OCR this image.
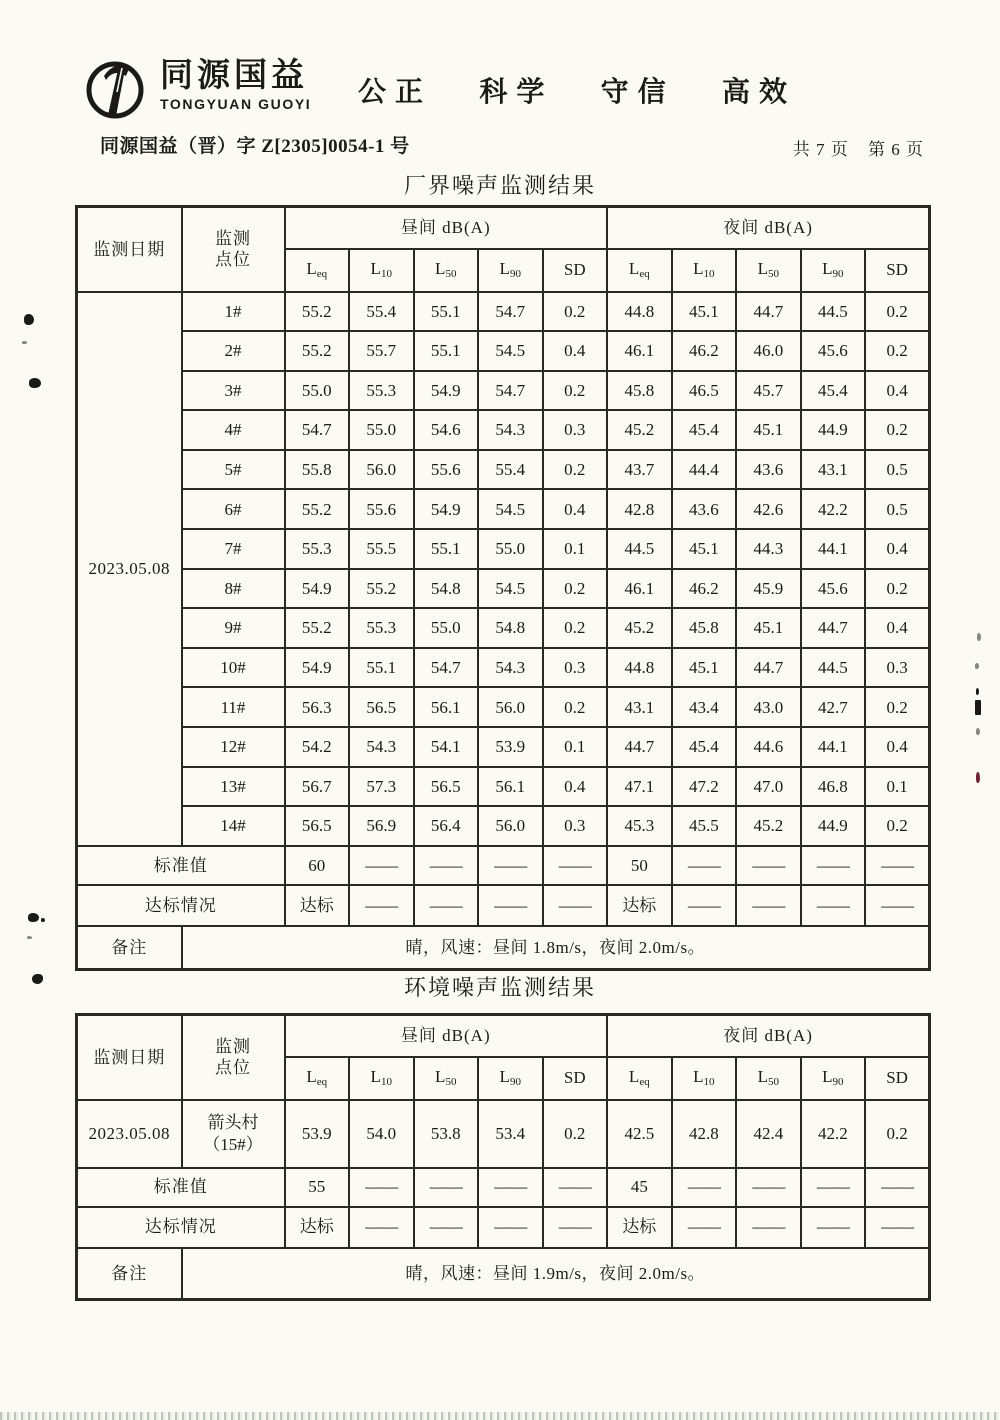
同源国益
TONGYUAN GUOYI 公正 科学 守信 高效
同源国益（晋）字 Z[2305]0054-1 号	共 7 页 第 6 页
厂界噪声监测结果
监测日期	监测
点位	昼间 dB(A)					夜间 dB(A)				
		$L_{eq}$	$L_{10}$	$L_{50}$	$L_{90}$	SD	$L_{eq}$	$L_{10}$	$L_{50}$	$L_{90}$	SD
2023.05.08	1#	55.2	55.4	55.1	54.7	0.2	44.8	45.1	44.7	44.5	0.2
	2#	55.2	55.7	55.1	54.5	0.4	46.1	46.2	46.0	45.6	0.2
	3#	55.0	55.3	54.9	54.7	0.2	45.8	46.5	45.7	45.4	0.4
	4#	54.7	55.0	54.6	54.3	0.3	45.2	45.4	45.1	44.9	0.2
	5#	55.8	56.0	55.6	55.4	0.2	43.7	44.4	43.6	43.1	0.5
	6#	55.2	55.6	54.9	54.5	0.4	42.8	43.6	42.6	42.2	0.5
	7#	55.3	55.5	55.1	55.0	0.1	44.5	45.1	44.3	44.1	0.4
	8#	54.9	55.2	54.8	54.5	0.2	46.1	46.2	45.9	45.6	0.2
	9#	55.2	55.3	55.0	54.8	0.2	45.2	45.8	45.1	44.7	0.4
	10#	54.9	55.1	54.7	54.3	0.3	44.8	45.1	44.7	44.5	0.3
	11#	56.3	56.5	56.1	56.0	0.2	43.1	43.4	43.0	42.7	0.2
	12#	54.2	54.3	54.1	53.9	0.1	44.7	45.4	44.6	44.1	0.4
	13#	56.7	57.3	56.5	56.1	0.4	47.1	47.2	47.0	46.8	0.1
	14#	56.5	56.9	56.4	56.0	0.3	45.3	45.5	45.2	44.9	0.2
标准值		60	——	——	——	——	50	——	——	——	——
达标情况		达标	——	——	——	——	达标	——	——	——	——
备注	晴，风速：昼间 1.8m/s，夜间 2.0m/s。										
环境噪声监测结果
监测日期	监测
点位	昼间 dB(A)					夜间 dB(A)				
		$L_{eq}$	$L_{10}$	$L_{50}$	$L_{90}$	SD	$L_{eq}$	$L_{10}$	$L_{50}$	$L_{90}$	SD
2023.05.08	箭头村
（15#）	53.9	54.0	53.8	53.4	0.2	42.5	42.8	42.4	42.2	0.2
标准值		55	——	——	——	——	45	——	——	——	——
达标情况		达标	——	——	——	——	达标	——	——	——	——
备注	晴，风速：昼间 1.9m/s，夜间 2.0m/s。										
